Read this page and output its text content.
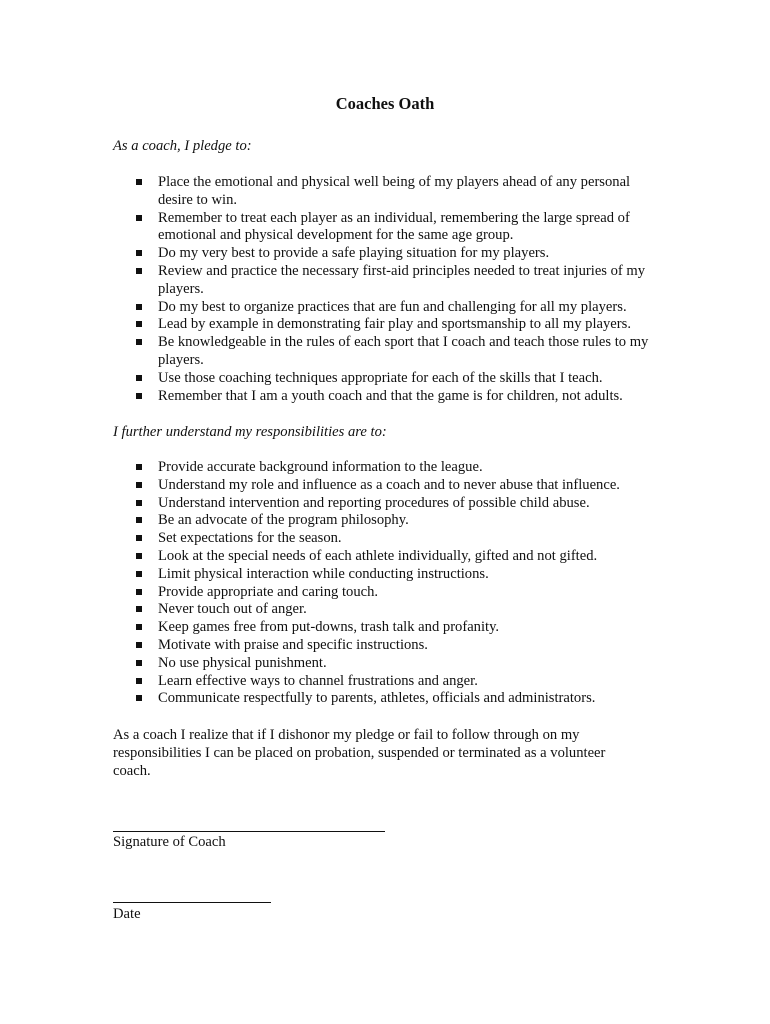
Coaches Oath

As a coach, I pledge to:

Place the emotional and physical well being of my players ahead of any personal desire to win.
Remember to treat each player as an individual, remembering the large spread of emotional and physical development for the same age group.
Do my very best to provide a safe playing situation for my players.
Review and practice the necessary first-aid principles needed to treat injuries of my players.
Do my best to organize practices that are fun and challenging for all my players.
Lead by example in demonstrating fair play and sportsmanship to all my players.
Be knowledgeable in the rules of each sport that I coach and teach those rules to my players.
Use those coaching techniques appropriate for each of the skills that I teach.
Remember that I am a youth coach and that the game is for children, not adults.

I further understand my responsibilities are to:

Provide accurate background information to the league.
Understand my role and influence as a coach and to never abuse that influence.
Understand intervention and reporting procedures of possible child abuse.
Be an advocate of the program philosophy.
Set expectations for the season.
Look at the special needs of each athlete individually, gifted and not gifted.
Limit physical interaction while conducting instructions.
Provide appropriate and caring touch.
Never touch out of anger.
Keep games free from put-downs, trash talk and profanity.
Motivate with praise and specific instructions.
No use physical punishment.
Learn effective ways to channel frustrations and anger.
Communicate respectfully to parents, athletes, officials and administrators.

As a coach I realize that if I dishonor my pledge or fail to follow through on my responsibilities I can be placed on probation, suspended or terminated as a volunteer coach.

Signature of Coach
Date
